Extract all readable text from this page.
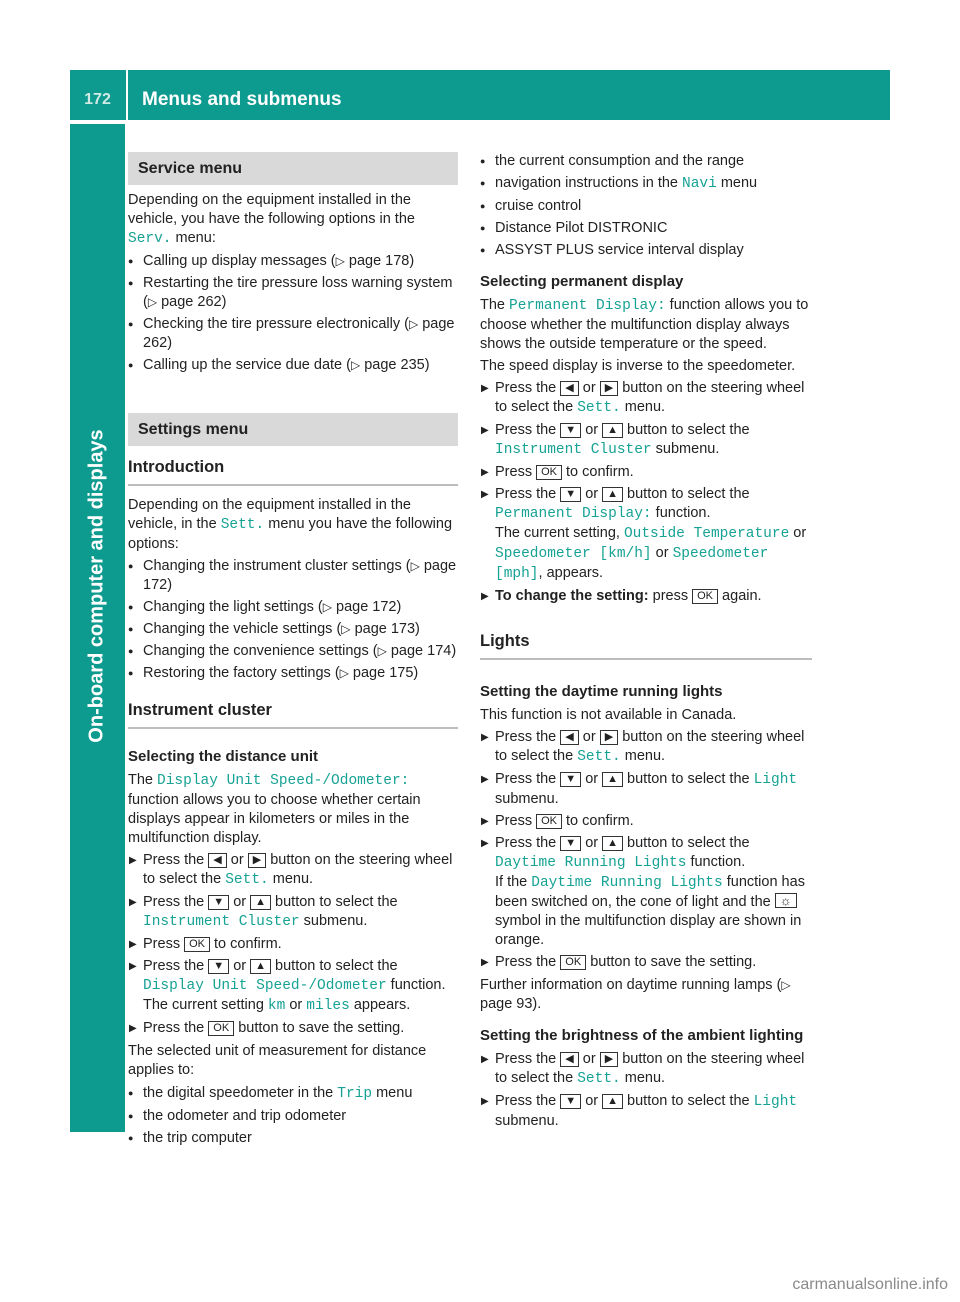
172	Menus and submenus
On-board computer and displays
Service menu

Depending on the equipment installed in the vehicle, you have the following options in the Serv. menu:

● Calling up display messages (▷ page 178)
● Restarting the tire pressure loss warning system (▷ page 262)
● Checking the tire pressure electronically (▷ page 262)
● Calling up the service due date (▷ page 235)
Settings menu
Introduction

Depending on the equipment installed in the vehicle, in the Sett. menu you have the following options:

● Changing the instrument cluster settings (▷ page 172)
● Changing the light settings (▷ page 172)
● Changing the vehicle settings (▷ page 173)
● Changing the convenience settings (▷ page 174)
● Restoring the factory settings (▷ page 175)
Instrument cluster
Selecting the distance unit

The Display Unit Speed-/Odometer: function allows you to choose whether certain displays appear in kilometers or miles in the multifunction display.

▶ Press the ◀ or ▶ button on the steering wheel to select the Sett. menu.
▶ Press the ▼ or ▲ button to select the Instrument Cluster submenu.
▶ Press OK to confirm.
▶ Press the ▼ or ▲ button to select the Display Unit Speed-/Odometer function.
The current setting km or miles appears.
▶ Press the OK button to save the setting.

The selected unit of measurement for distance applies to:

● the digital speedometer in the Trip menu
● the odometer and trip odometer
● the trip computer
● the current consumption and the range
● navigation instructions in the Navi menu
● cruise control
● Distance Pilot DISTRONIC
● ASSYST PLUS service interval display
Selecting permanent display

The Permanent Display: function allows you to choose whether the multifunction display always shows the outside temperature or the speed.

The speed display is inverse to the speedometer.

▶ Press the ◀ or ▶ button on the steering wheel to select the Sett. menu.
▶ Press the ▼ or ▲ button to select the Instrument Cluster submenu.
▶ Press OK to confirm.
▶ Press the ▼ or ▲ button to select the Permanent Display: function.
The current setting, Outside Temperature or Speedometer [km/h] or Speedometer [mph], appears.
▶ To change the setting: press OK again.
Lights
Setting the daytime running lights

This function is not available in Canada.

▶ Press the ◀ or ▶ button on the steering wheel to select the Sett. menu.
▶ Press the ▼ or ▲ button to select the Light submenu.
▶ Press OK to confirm.
▶ Press the ▼ or ▲ button to select the Daytime Running Lights function.
If the Daytime Running Lights function has been switched on, the cone of light and the ☼ symbol in the multifunction display are shown in orange.
▶ Press the OK button to save the setting.

Further information on daytime running lamps (▷ page 93).

Setting the brightness of the ambient lighting
▶ Press the ◀ or ▶ button on the steering wheel to select the Sett. menu.
▶ Press the ▼ or ▲ button to select the Light submenu.
carmanualsonline.info
